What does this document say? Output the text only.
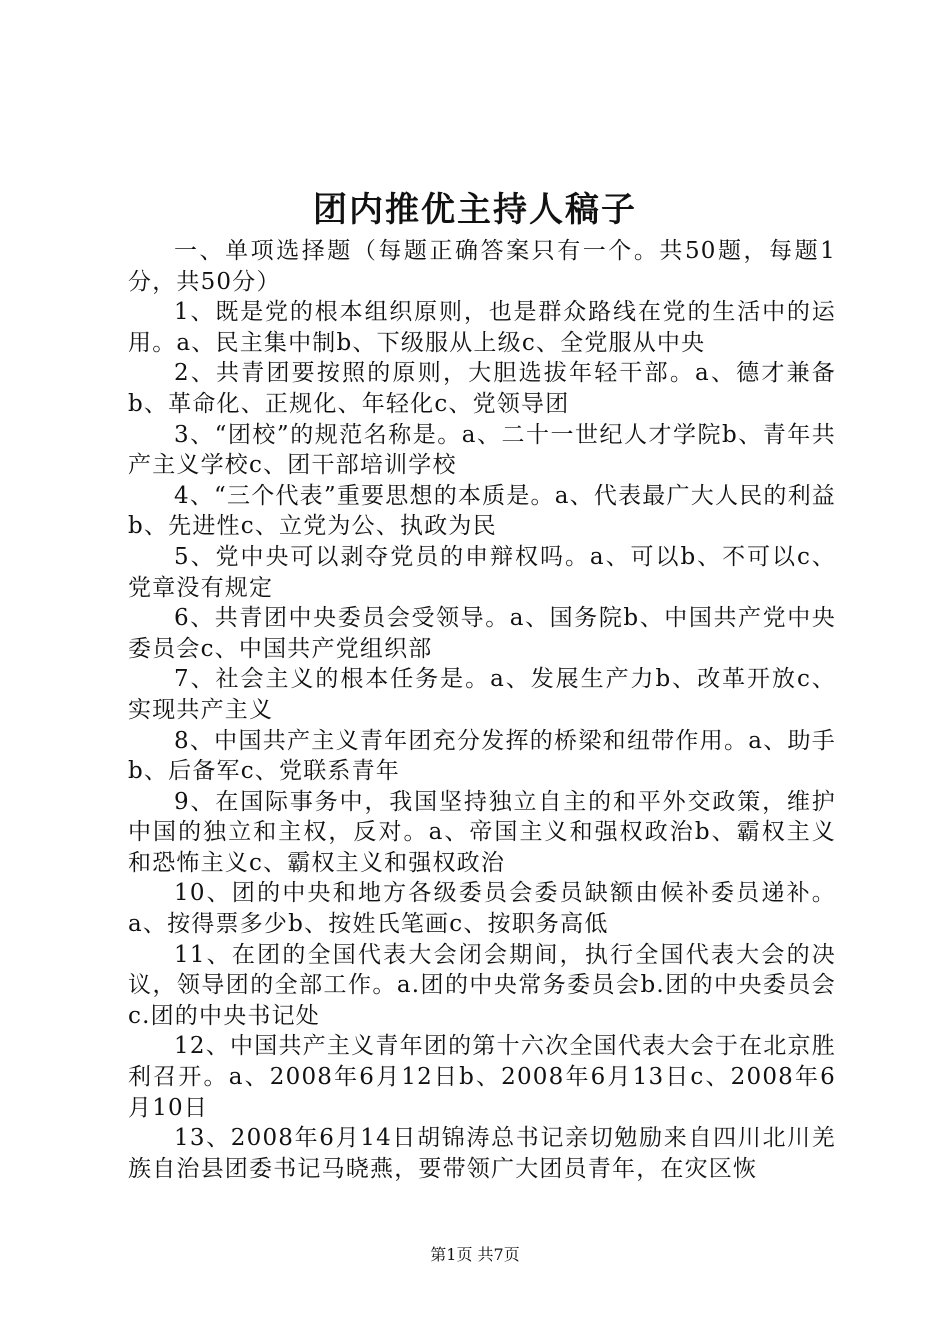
团内推优主持人稿子

一、单项选择题（每题正确答案只有一个。共50题，每题1分，共50分）

1、既是党的根本组织原则，也是群众路线在党的生活中的运用。a、民主集中制b、下级服从上级c、全党服从中央

2、共青团要按照的原则，大胆选拔年轻干部。a、德才兼备b、革命化、正规化、年轻化c、党领导团

3、“团校”的规范名称是。a、二十一世纪人才学院b、青年共产主义学校c、团干部培训学校

4、“三个代表”重要思想的本质是。a、代表最广大人民的利益b、先进性c、立党为公、执政为民

5、党中央可以剥夺党员的申辩权吗。a、可以b、不可以c、党章没有规定

6、共青团中央委员会受领导。a、国务院b、中国共产党中央委员会c、中国共产党组织部

7、社会主义的根本任务是。a、发展生产力b、改革开放c、实现共产主义

8、中国共产主义青年团充分发挥的桥梁和纽带作用。a、助手b、后备军c、党联系青年

9、在国际事务中，我国坚持独立自主的和平外交政策，维护中国的独立和主权，反对。a、帝国主义和强权政治b、霸权主义和恐怖主义c、霸权主义和强权政治

10、团的中央和地方各级委员会委员缺额由候补委员递补。a、按得票多少b、按姓氏笔画c、按职务高低

11、在团的全国代表大会闭会期间，执行全国代表大会的决议，领导团的全部工作。a.团的中央常务委员会b.团的中央委员会c.团的中央书记处

12、中国共产主义青年团的第十六次全国代表大会于在北京胜利召开。a、2008年6月12日b、2008年6月13日c、2008年6月10日

13、2008年6月14日胡锦涛总书记亲切勉励来自四川北川羌族自治县团委书记马晓燕，要带领广大团员青年，在灾区恢

第1页 共7页
